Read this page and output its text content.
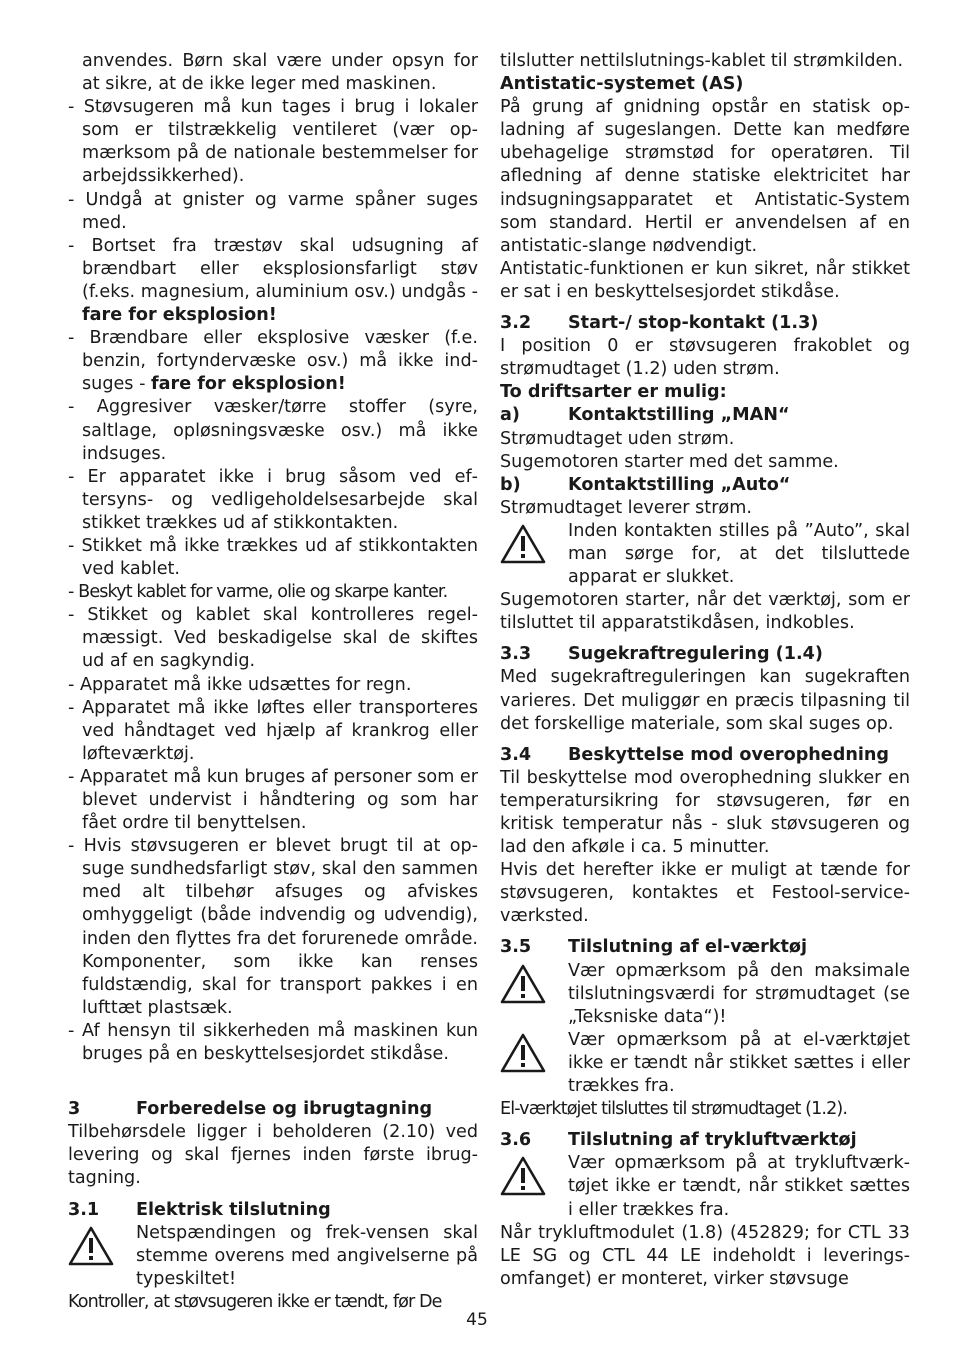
anvendes. Børn skal være under opsyn for at sikre, at de ikke leger med maskinen.

- Støvsugeren må kun tages i brug i lokaler som er tilstrækkelig ventileret (vær opmærksom på de nationale bestemmelser for arbejdssikkerhed).

- Undgå at gnister og varme spåner suges med.

- Bortset fra træstøv skal udsugning af brændbart eller eksplosionsfarligt støv (f.eks. magnesium, aluminium osv.) undgås - fare for eksplosion!

- Brændbare eller eksplosive væsker (f.e. benzin, fortyndervæske osv.) må ikke indsuges - fare for eksplosion!

- Aggresiver væsker/tørre stoffer (syre, saltlage, opløsningsvæske osv.) må ikke indsuges.

- Er apparatet ikke i brug såsom ved eftersyns- og vedligeholdelsesarbejde skal stikket trækkes ud af stikkontakten.

- Stikket må ikke trækkes ud af stikkontakten ved kablet.

- Beskyt kablet for varme, olie og skarpe kanter.

- Stikket og kablet skal kontrolleres regelmæssigt. Ved beskadigelse skal de skiftes ud af en sagkyndig.

- Apparatet må ikke udsættes for regn.

- Apparatet må ikke løftes eller transporteres ved håndtaget ved hjælp af krankrog eller løfteværktøj.

- Apparatet må kun bruges af personer som er blevet undervist i håndtering og som har fået ordre til benyttelsen.

- Hvis støvsugeren er blevet brugt til at opsuge sundhedsfarligt støv, skal den sammen med alt tilbehør afsuges og afviskes omhyggeligt (både indvendig og udvendig), inden den flyttes fra det forurenede område. Komponenter, som ikke kan renses fuldstændig, skal for transport pakkes i en lufttæt plastsæk.

- Af hensyn til sikkerheden må maskinen kun bruges på en beskyttelsesjordet stikdåse.

3	Forberedelse og ibrugtagning

Tilbehørsdele ligger i beholderen (2.10) ved levering og skal fjernes inden første ibrugtagning.

3.1	Elektrisk tilslutning
Netspændingen og frek-vensen skal stemme overens med angivelserne på typeskiltet!

Kontroller, at støvsugeren ikke er tændt, før De

tilslutter nettilslutnings-kablet til strømkilden.

Antistatic-systemet (AS)

På grung af gnidning opstår en statisk opladning af sugeslangen. Dette kan medføre ubehagelige strømstød for operatøren. Til afledning af denne statiske elektricitet har indsugningsapparatet et Antistatic-System som standard. Hertil er anvendelsen af en antistatic-slange nødvendigt.

Antistatic-funktionen er kun sikret, når stikket er sat i en beskyttelsesjordet stikdåse.

3.2	Start-/ stop-kontakt (1.3)

I position 0 er støvsugeren frakoblet og strømudtaget (1.2) uden strøm.

To driftsarter er mulig:

a)	Kontaktstilling „MAN“

Strømudtaget uden strøm.

Sugemotoren starter med det samme.

b)	Kontaktstilling „Auto“

Strømudtaget leverer strøm.

Inden kontakten stilles på ”Auto”, skal man sørge for, at det tilsluttede apparat er slukket.

Sugemotoren starter, når det værktøj, som er tilsluttet til apparatstikdåsen, indkobles.

3.3	Sugekraftregulering (1.4)

Med sugekraftreguleringen kan sugekraften varieres. Det muliggør en præcis tilpasning til det forskellige materiale, som skal suges op.

3.4	Beskyttelse mod overophedning

Til beskyttelse mod overophedning slukker en temperatursikring for støvsugeren, før en kritisk temperatur nås - sluk støvsugeren og lad den afkøle i ca. 5 minutter.

Hvis det herefter ikke er muligt at tænde for støvsugeren, kontaktes et Festool-serviceværksted.

3.5	Tilslutning af el-værktøj
Vær opmærksom på den maksimale tilslutningsværdi for strømudtaget (se „Teksniske data“)!
Vær opmærksom på at el-værktøjet ikke er tændt når stikket sættes i eller trækkes fra.

El-værktøjet tilsluttes til strømudtaget (1.2).

3.6	Tilslutning af trykluftværktøj
Vær opmærksom på at trykluftværktøjet ikke er tændt, når stikket sættes i eller trækkes fra.

Når trykluftmodulet (1.8) (452829; for CTL 33 LE SG og CTL 44 LE indeholdt i leveringsomfanget) er monteret, virker støvsuge

45
